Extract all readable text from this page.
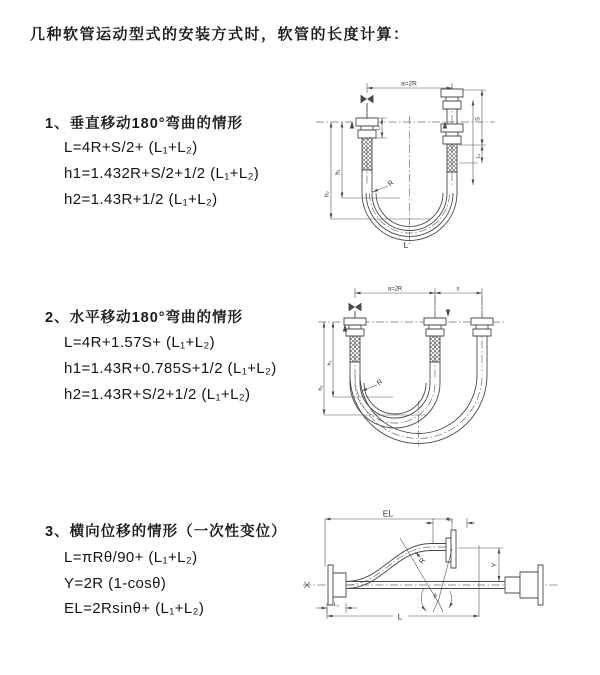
几种软管运动型式的安装方式时，软管的长度计算：
1、垂直移动180°弯曲的情形
L=4R+S/2+ (L₁+L₂)
h1=1.432R+S/2+1/2 (L₁+L₂)
h2=1.43R+1/2 (L₁+L₂)
2、水平移动180°弯曲的情形
L=4R+1.57S+ (L₁+L₂)
h1=1.43R+0.785S+1/2 (L₁+L₂)
h2=1.43R+S/2+1/2 (L₁+L₂)
3、横向位移的情形（一次性变位）
L=πRθ/90+ (L₁+L₂)
Y=2R (1-cosθ)
EL=2Rsinθ+ (L₁+L₂)
a=2R
h₁
h₂
L₁
S
L₂
R
L
a=2R	s
h₁
h₂
R
EL
L₂
Y
R
θ
L
L₁
